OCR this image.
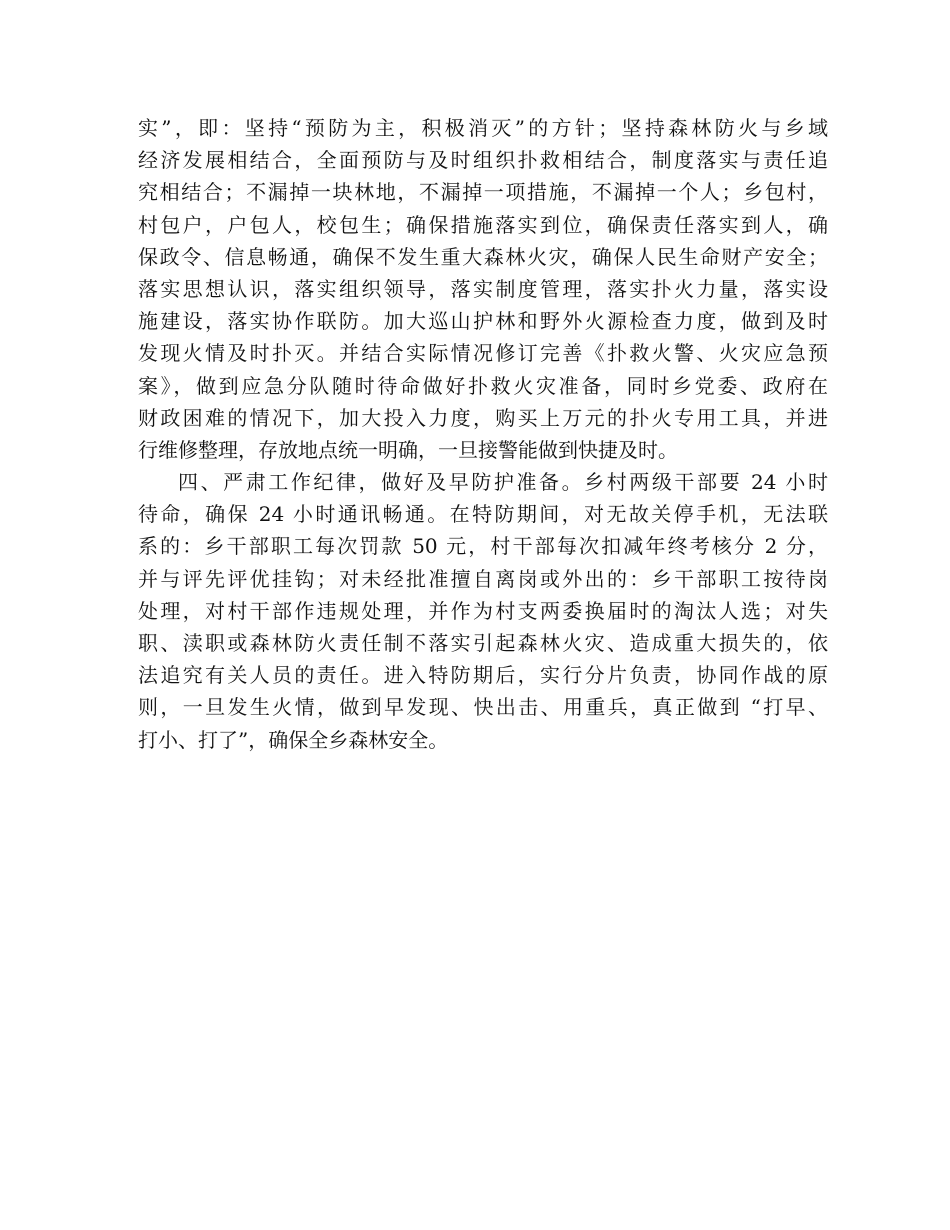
实”，即：坚持“预防为主，积极消灭”的方针；坚持森林防火与乡域
经济发展相结合，全面预防与及时组织扑救相结合，制度落实与责任追
究相结合；不漏掉一块林地，不漏掉一项措施，不漏掉一个人；乡包村，
村包户，户包人，校包生；确保措施落实到位，确保责任落实到人，确
保政令、信息畅通，确保不发生重大森林火灾，确保人民生命财产安全；
落实思想认识，落实组织领导，落实制度管理，落实扑火力量，落实设
施建设，落实协作联防。加大巡山护林和野外火源检查力度，做到及时
发现火情及时扑灭。并结合实际情况修订完善《扑救火警、火灾应急预
案》，做到应急分队随时待命做好扑救火灾准备，同时乡党委、政府在
财政困难的情况下，加大投入力度，购买上万元的扑火专用工具，并进
行维修整理，存放地点统一明确，一旦接警能做到快捷及时。
四、严肃工作纪律，做好及早防护准备。乡村两级干部要 24 小时
待命，确保 24 小时通讯畅通。在特防期间，对无故关停手机，无法联
系的：乡干部职工每次罚款 50 元，村干部每次扣减年终考核分 2 分，
并与评先评优挂钩；对未经批准擅自离岗或外出的：乡干部职工按待岗
处理，对村干部作违规处理，并作为村支两委换届时的淘汰人选；对失
职、渎职或森林防火责任制不落实引起森林火灾、造成重大损失的，依
法追究有关人员的责任。进入特防期后，实行分片负责，协同作战的原
则，一旦发生火情，做到早发现、快出击、用重兵，真正做到 “打早、
打小、打了”，确保全乡森林安全。
